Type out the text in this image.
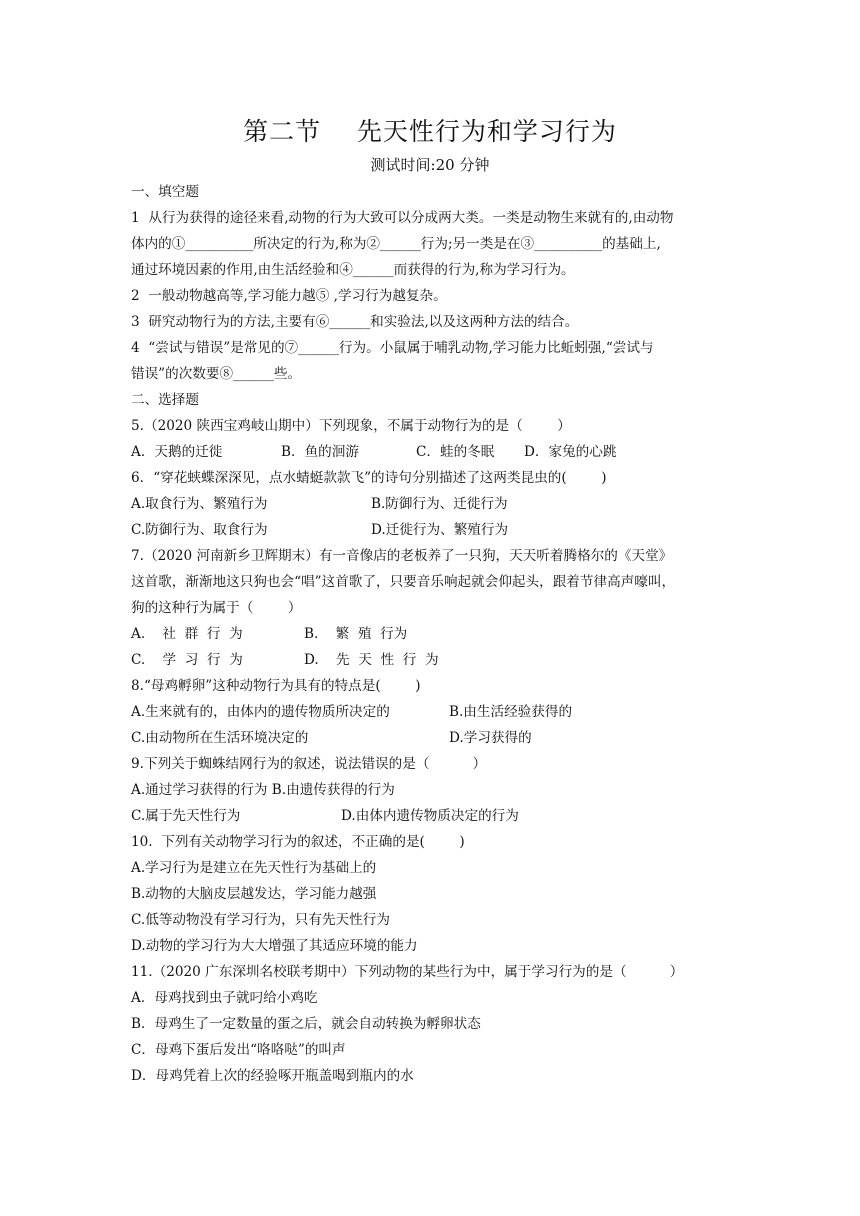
第二节    先天性行为和学习行为
测试时间:20 分钟
一、填空题
1  从行为获得的途径来看,动物的行为大致可以分成两大类。一类是动物生来就有的,由动物
体内的①__________所决定的行为,称为②______行为;另一类是在③__________的基础上,
通过环境因素的作用,由生活经验和④______而获得的行为,称为学习行为。
2  一般动物越高等,学习能力越⑤ ,学习行为越复杂。
3  研究动物行为的方法,主要有⑥______和实验法,以及这两种方法的结合。
4  “尝试与错误”是常见的⑦______行为。小鼠属于哺乳动物,学习能力比蚯蚓强,“尝试与
错误”的次数要⑧______些。
二、选择题
5.（2020 陕西宝鸡岐山期中）下列现象，不属于动物行为的是（        ）
A．天鹅的迁徙	B．鱼的洄游	C．蛙的冬眠 D．家兔的心跳
6．“穿花蛱蝶深深见，点水蜻蜓款款飞”的诗句分别描述了这两类昆虫的(        )
A.取食行为、繁殖行为	B.防御行为、迁徙行为
C.防御行为、取食行为	D.迁徙行为、繁殖行为
7.（2020 河南新乡卫辉期末）有一音像店的老板养了一只狗，天天听着腾格尔的《天堂》
这首歌，渐渐地这只狗也会“唱”这首歌了，只要音乐响起就会仰起头，跟着节律高声嚎叫，
狗的这种行为属于（        ）
A.    社  群  行  为	B.    繁  殖  行为
C.    学  习  行  为	D.    先  天  性  行  为
8.“母鸡孵卵”这种动物行为具有的特点是(        )
A.生来就有的，由体内的遗传物质所决定的	B.由生活经验获得的
C.由动物所在生活环境决定的	D.学习获得的
9.下列关于蜘蛛结网行为的叙述，说法错误的是（          ）
A.通过学习获得的行为 B.由遗传获得的行为
C.属于先天性行为	D.由体内遗传物质决定的行为
10.  下列有关动物学习行为的叙述，不正确的是(        )
A.学习行为是建立在先天性行为基础上的
B.动物的大脑皮层越发达，学习能力越强
C.低等动物没有学习行为，只有先天性行为
D.动物的学习行为大大增强了其适应环境的能力
11.（2020 广东深圳名校联考期中）下列动物的某些行为中，属于学习行为的是（          ）
A．母鸡找到虫子就叼给小鸡吃
B．母鸡生了一定数量的蛋之后，就会自动转换为孵卵状态
C．母鸡下蛋后发出“咯咯哒”的叫声
D．母鸡凭着上次的经验啄开瓶盖喝到瓶内的水
